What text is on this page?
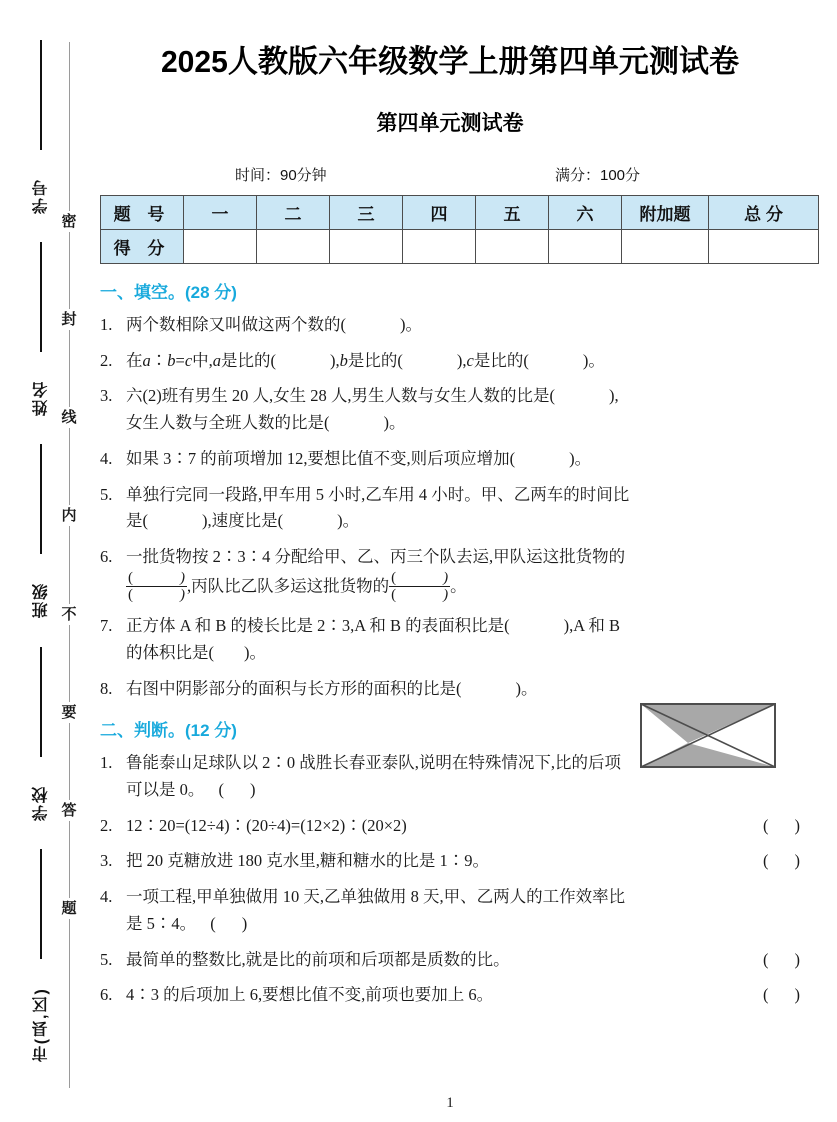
学号
姓名
班级
学校
市(县,区)
密
封
线
内
不
要
答
题
2025人教版六年级数学上册第四单元测试卷
第四单元测试卷
时间：90分钟	满分：100分
题 号	一	二	三	四	五	六	附加题	总 分
得 分								
一、填空。(28 分)
1. 两个数相除又叫做这两个数的(	)。
2. 在a∶b=c中,a是比的(	),b是比的(	),c是比的(	)。
3. 六(2)班有男生 20 人,女生 28 人,男生人数与女生人数的比是(	),
女生人数与全班人数的比是(	)。
4. 如果 3∶7 的前项增加 12,要想比值不变,则后项应增加(	)。
5. 单独行完同一段路,甲车用 5 小时,乙车用 4 小时。甲、乙两车的时间比
是(	),速度比是(	)。
6. 一批货物按 2∶3∶4 分配给甲、乙、丙三个队去运,甲队运这批货物的
(	)
(	) ,丙队比乙队多运这批货物的 (	)
(	) 。
7. 正方体 A 和 B 的棱长比是 2∶3,A 和 B 的表面积比是(	),A 和 B
的体积比是( )。
8. 右图中阴影部分的面积与长方形的面积的比是(	)。
二、判断。(12 分)
1. 鲁能泰山足球队以 2∶0 战胜长春亚泰队,说明在特殊情况下,比的后项
可以是 0。 ( )
2. 12∶20=(12÷4)∶(20÷4)=(12×2)∶(20×2)	( )
3. 把 20 克糖放进 180 克水里,糖和糖水的比是 1∶9。	( )
4. 一项工程,甲单独做用 10 天,乙单独做用 8 天,甲、乙两人的工作效率比
是 5∶4。 ( )
5. 最简单的整数比,就是比的前项和后项都是质数的比。	( )
6. 4∶3 的后项加上 6,要想比值不变,前项也要加上 6。	( )
1
